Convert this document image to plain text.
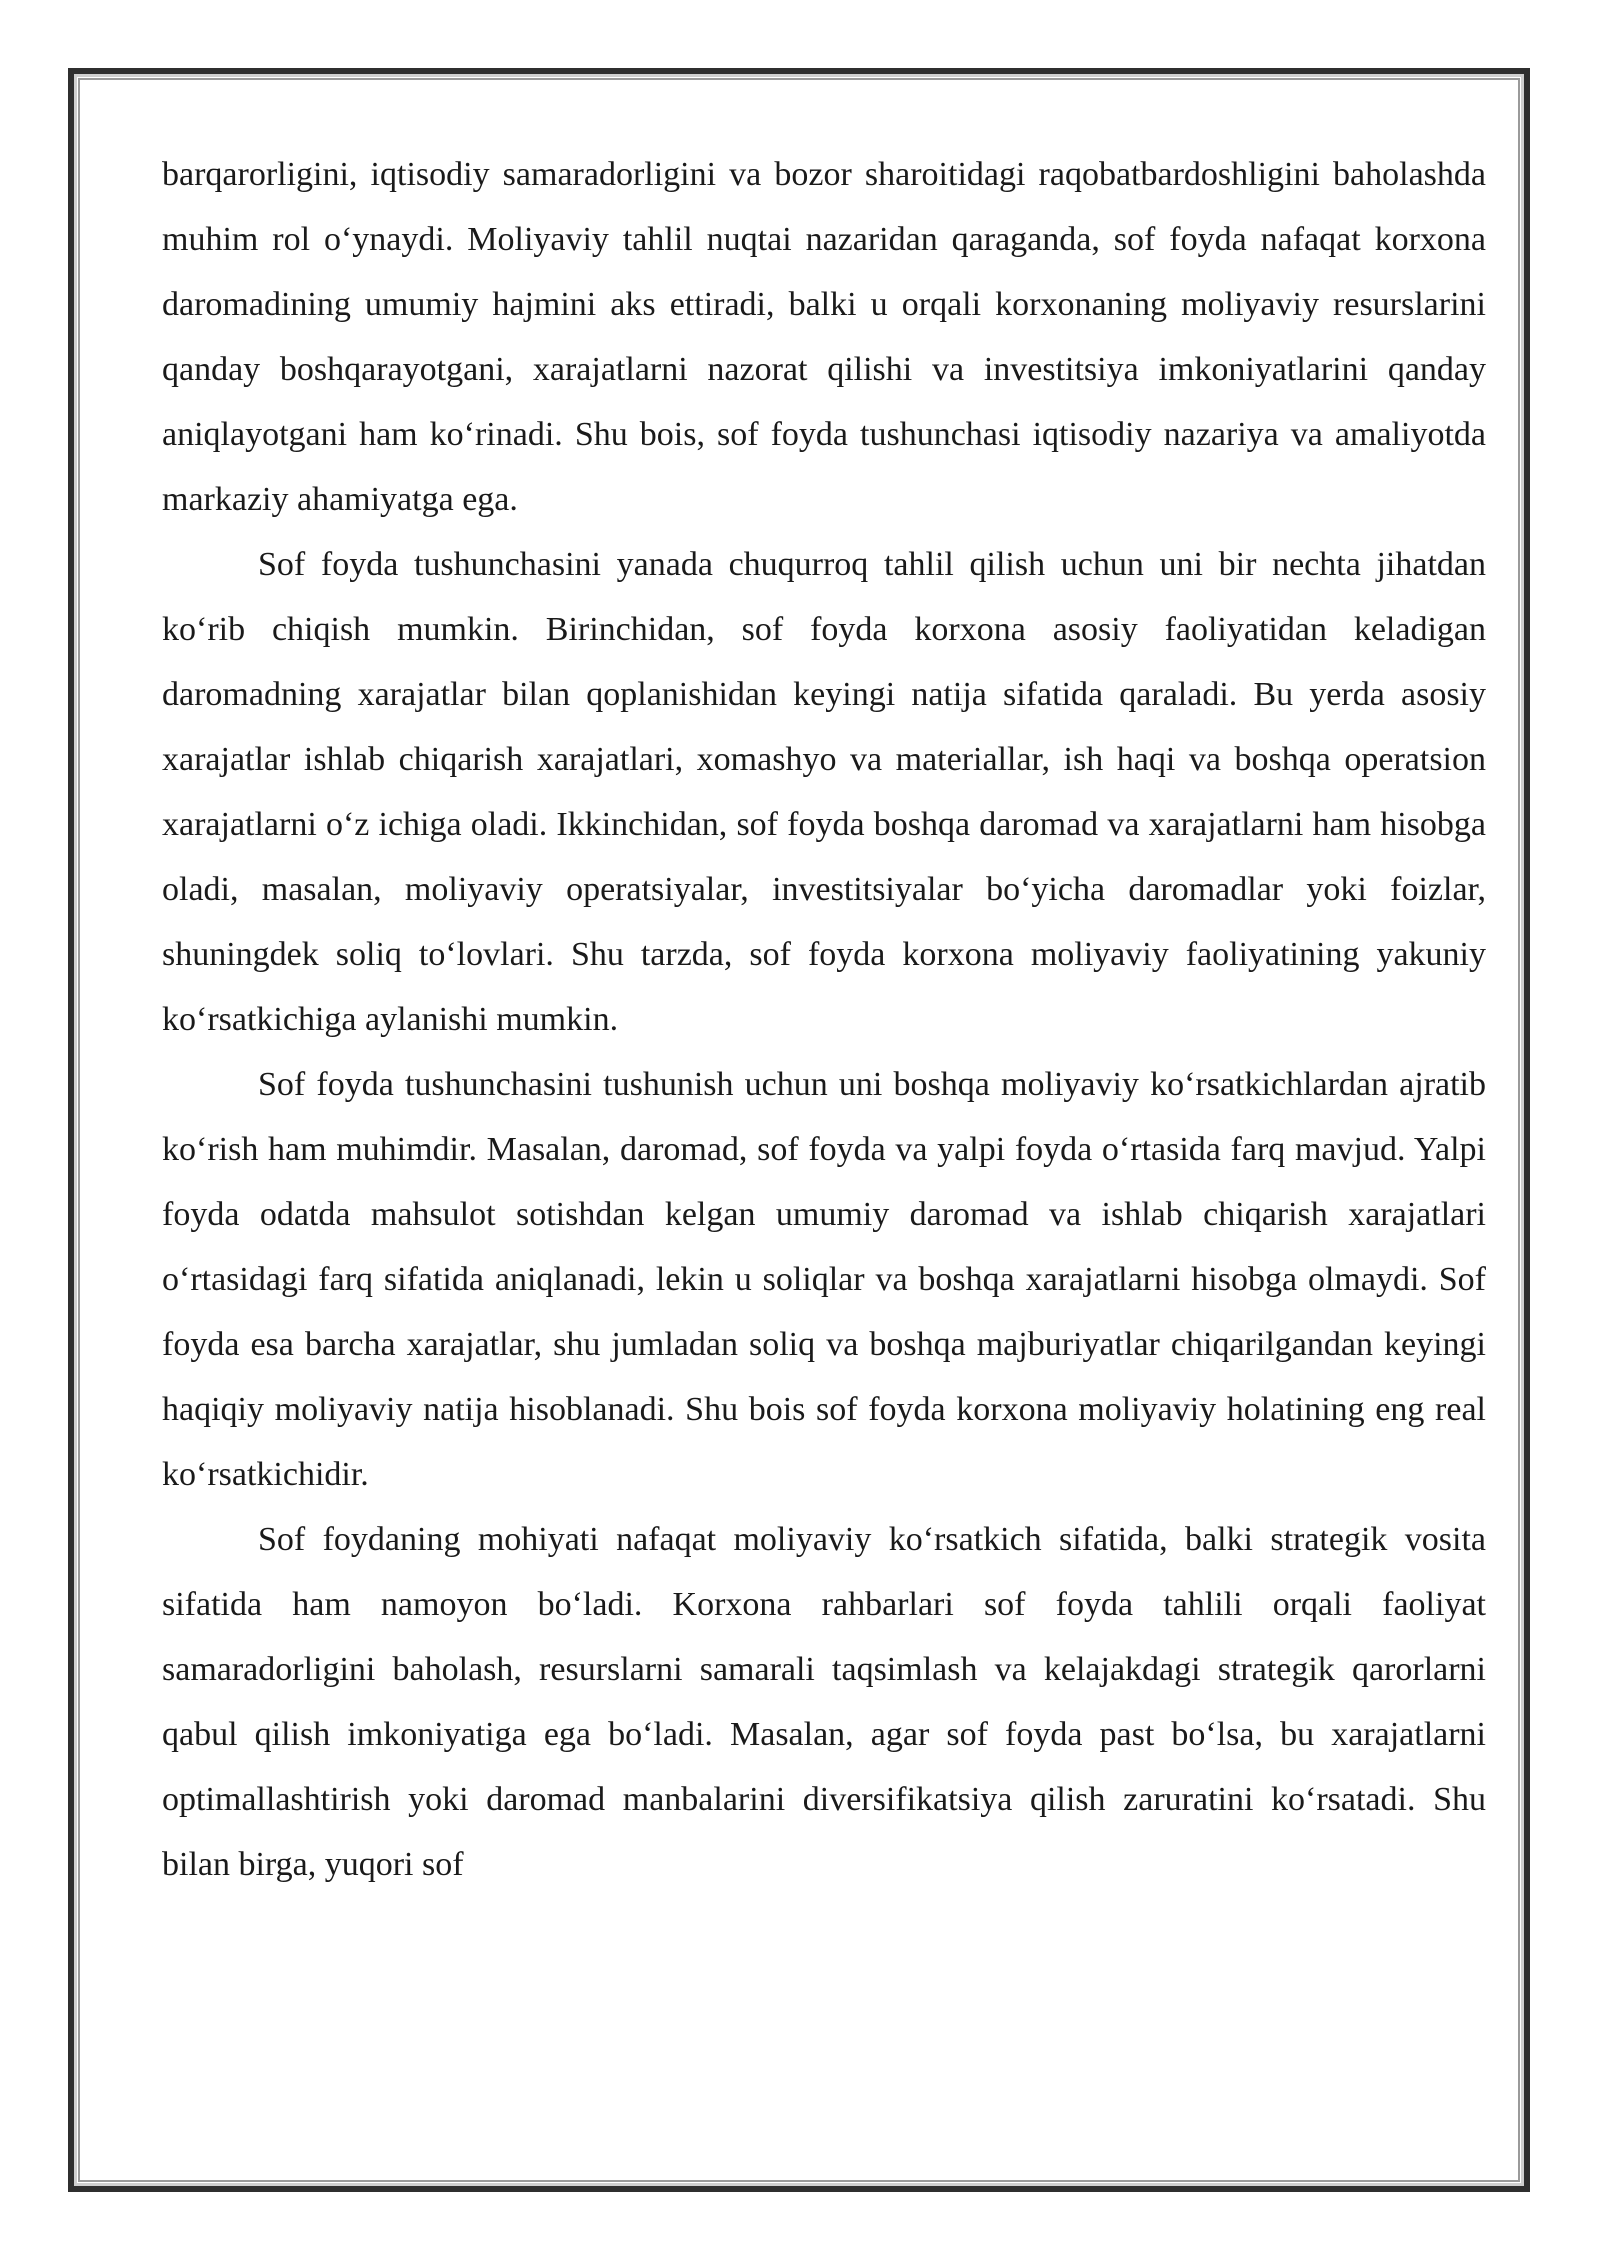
barqarorligini, iqtisodiy samaradorligini va bozor sharoitidagi raqobatbardoshligini baholashda muhim rol o‘ynaydi. Moliyaviy tahlil nuqtai nazaridan qaraganda, sof foyda nafaqat korxona daromadining umumiy hajmini aks ettiradi, balki u orqali korxonaning moliyaviy resurslarini qanday boshqarayotgani, xarajatlarni nazorat qilishi va investitsiya imkoniyatlarini qanday aniqlayotgani ham ko‘rinadi. Shu bois, sof foyda tushunchasi iqtisodiy nazariya va amaliyotda markaziy ahamiyatga ega.

Sof foyda tushunchasini yanada chuqurroq tahlil qilish uchun uni bir nechta jihatdan ko‘rib chiqish mumkin. Birinchidan, sof foyda korxona asosiy faoliyatidan keladigan daromadning xarajatlar bilan qoplanishidan keyingi natija sifatida qaraladi. Bu yerda asosiy xarajatlar ishlab chiqarish xarajatlari, xomashyo va materiallar, ish haqi va boshqa operatsion xarajatlarni o‘z ichiga oladi. Ikkinchidan, sof foyda boshqa daromad va xarajatlarni ham hisobga oladi, masalan, moliyaviy operatsiyalar, investitsiyalar bo‘yicha daromadlar yoki foizlar, shuningdek soliq to‘lovlari. Shu tarzda, sof foyda korxona moliyaviy faoliyatining yakuniy ko‘rsatkichiga aylanishi mumkin.

Sof foyda tushunchasini tushunish uchun uni boshqa moliyaviy ko‘rsatkichlardan ajratib ko‘rish ham muhimdir. Masalan, daromad, sof foyda va yalpi foyda o‘rtasida farq mavjud. Yalpi foyda odatda mahsulot sotishdan kelgan umumiy daromad va ishlab chiqarish xarajatlari o‘rtasidagi farq sifatida aniqlanadi, lekin u soliqlar va boshqa xarajatlarni hisobga olmaydi. Sof foyda esa barcha xarajatlar, shu jumladan soliq va boshqa majburiyatlar chiqarilgandan keyingi haqiqiy moliyaviy natija hisoblanadi. Shu bois sof foyda korxona moliyaviy holatining eng real ko‘rsatkichidir.

Sof foydaning mohiyati nafaqat moliyaviy ko‘rsatkich sifatida, balki strategik vosita sifatida ham namoyon bo‘ladi. Korxona rahbarlari sof foyda tahlili orqali faoliyat samaradorligini baholash, resurslarni samarali taqsimlash va kelajakdagi strategik qarorlarni qabul qilish imkoniyatiga ega bo‘ladi. Masalan, agar sof foyda past bo‘lsa, bu xarajatlarni optimallashtirish yoki daromad manbalarini diversifikatsiya qilish zaruratini ko‘rsatadi. Shu bilan birga, yuqori sof
